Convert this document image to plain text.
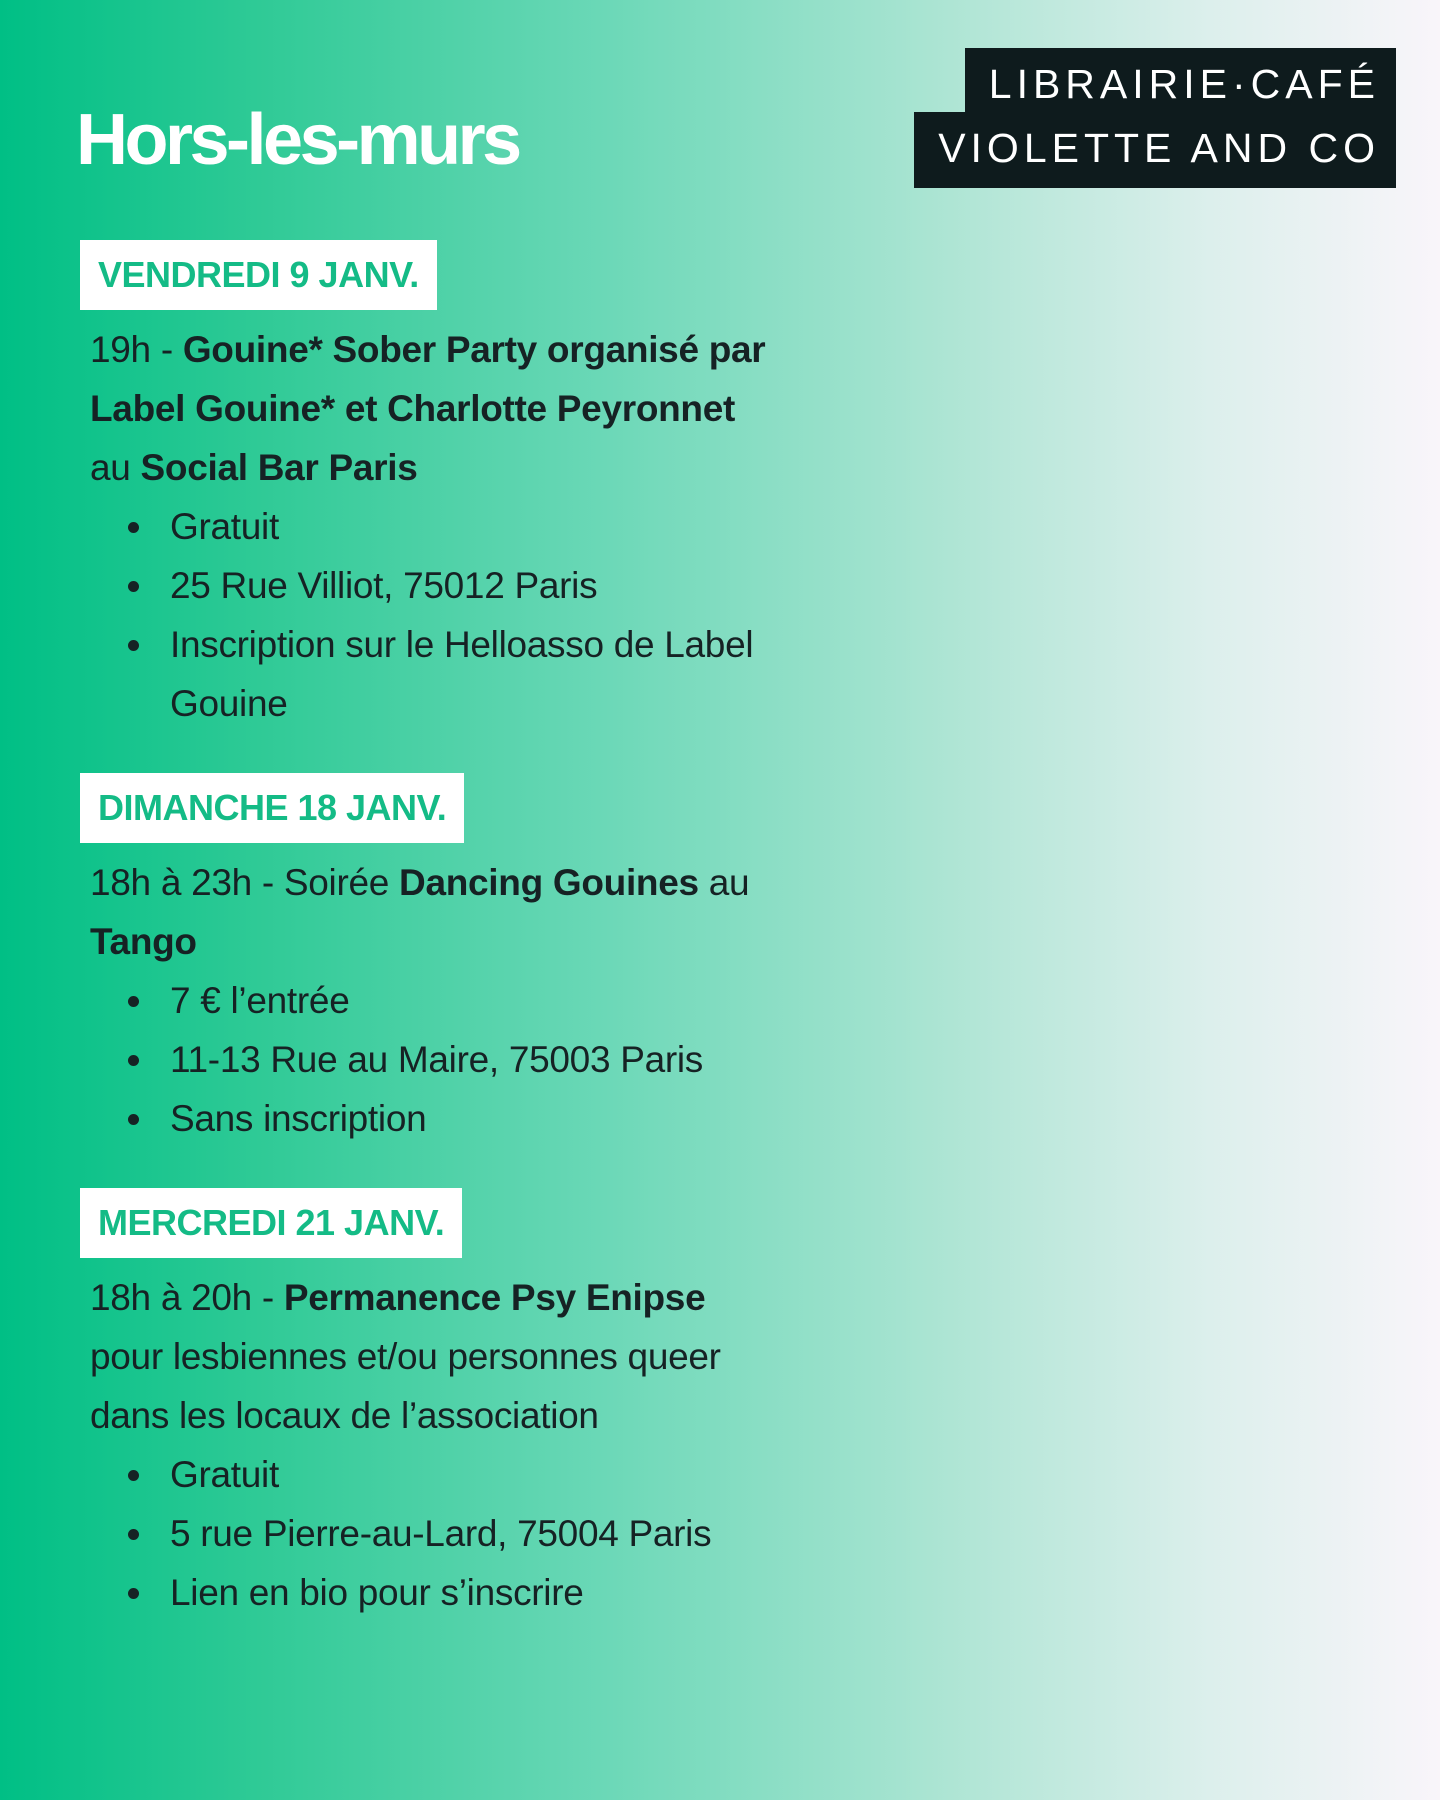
Hors-les-murs
LIBRAIRIE·CAFÉ
VIOLETTE AND CO
VENDREDI 9 JANV.

19h - Gouine* Sober Party organisé par Label Gouine* et Charlotte Peyronnet au Social Bar Paris

Gratuit
25 Rue Villiot, 75012 Paris
Inscription sur le Helloasso de Label Gouine
DIMANCHE 18 JANV.

18h à 23h - Soirée Dancing Gouines au Tango

7 € l’entrée
11-13 Rue au Maire, 75003 Paris
Sans inscription
MERCREDI 21 JANV.

18h à 20h - Permanence Psy Enipse pour lesbiennes et/ou personnes queer dans les locaux de l’association

Gratuit
5 rue Pierre-au-Lard, 75004 Paris
Lien en bio pour s’inscrire
